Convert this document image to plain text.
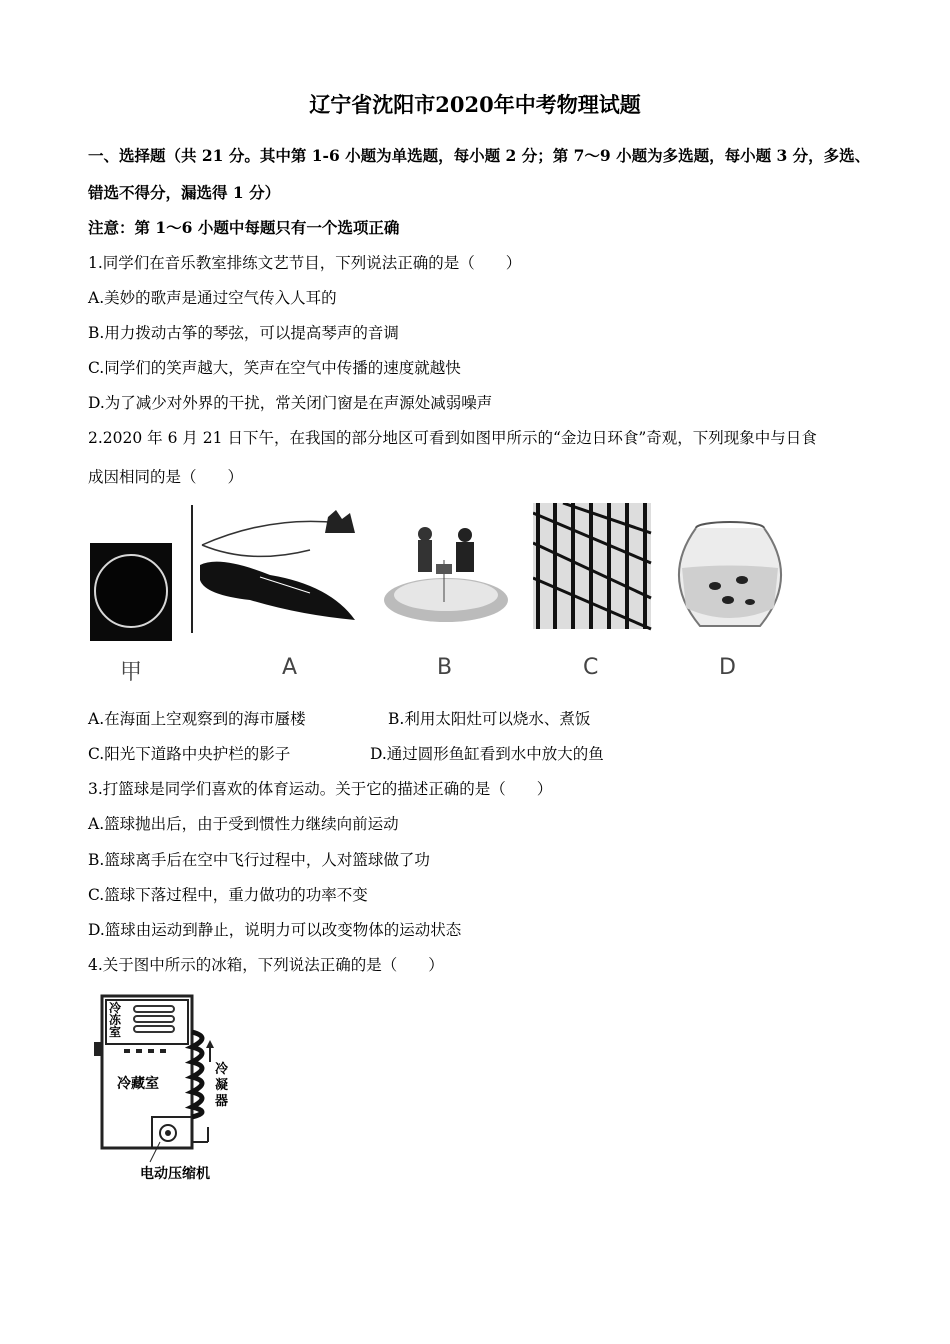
辽宁省沈阳市2020年中考物理试题
一、选择题（共 21 分。其中第 1-6 小题为单选题，每小题 2 分；第 7～9 小题为多选题，每小题 3 分，多选、
错选不得分，漏选得 1 分）
注意：第 1～6 小题中每题只有一个选项正确
1.同学们在音乐教室排练文艺节目，下列说法正确的是（　　）
A.美妙的歌声是通过空气传入人耳的
B.用力拨动古筝的琴弦，可以提高琴声的音调
C.同学们的笑声越大，笑声在空气中传播的速度就越快
D.为了减少对外界的干扰，常关闭门窗是在声源处减弱噪声
2.2020 年 6 月 21 日下午，在我国的部分地区可看到如图甲所示的“金边日环食”奇观，下列现象中与日食
成因相同的是（　　）
甲	A	B	C	D
A.在海面上空观察到的海市蜃楼	B.利用太阳灶可以烧水、煮饭
C.阳光下道路中央护栏的影子	D.通过圆形鱼缸看到水中放大的鱼
3.打篮球是同学们喜欢的体育运动。关于它的描述正确的是（　　）
A.篮球抛出后，由于受到惯性力继续向前运动
B.篮球离手后在空中飞行过程中，人对篮球做了功
C.篮球下落过程中，重力做功的功率不变
D.篮球由运动到静止，说明力可以改变物体的运动状态
4.关于图中所示的冰箱，下列说法正确的是（　　）
冷冻室
冷藏室
冷凝器
电动压缩机
